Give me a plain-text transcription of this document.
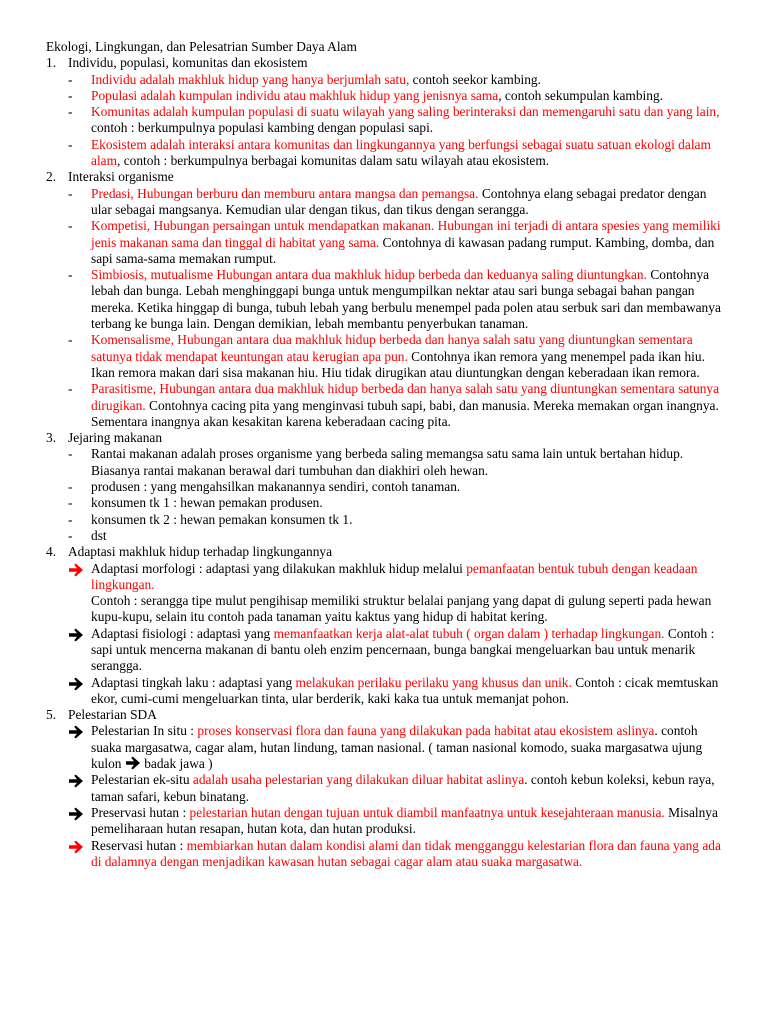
Ekologi, Lingkungan, dan Pelesatrian Sumber Daya Alam
1. Individu, populasi, komunitas dan ekosistem
-	Individu adalah makhluk hidup yang hanya berjumlah satu, contoh seekor kambing.
-	Populasi adalah kumpulan individu atau makhluk hidup yang jenisnya sama, contoh sekumpulan kambing.
-	Komunitas adalah kumpulan populasi di suatu wilayah yang saling berinteraksi dan memengaruhi satu dan yang lain, contoh : berkumpulnya populasi kambing dengan populasi sapi.
-	Ekosistem adalah interaksi antara komunitas dan lingkungannya yang berfungsi sebagai suatu satuan ekologi dalam alam, contoh : berkumpulnya berbagai komunitas dalam satu wilayah atau ekosistem.
2. Interaksi organisme
-	Predasi, Hubungan berburu dan memburu antara mangsa dan pemangsa. Contohnya elang sebagai predator dengan ular sebagai mangsanya. Kemudian ular dengan tikus, dan tikus dengan serangga.
-	Kompetisi, Hubungan persaingan untuk mendapatkan makanan. Hubungan ini terjadi di antara spesies yang memiliki jenis makanan sama dan tinggal di habitat yang sama. Contohnya di kawasan padang rumput. Kambing, domba, dan sapi sama-sama memakan rumput.
-	Simbiosis, mutualisme Hubungan antara dua makhluk hidup berbeda dan keduanya saling diuntungkan. Contohnya lebah dan bunga. Lebah menghinggapi bunga untuk mengumpilkan nektar atau sari bunga sebagai bahan pangan mereka. Ketika hinggap di bunga, tubuh lebah yang berbulu menempel pada polen atau serbuk sari dan membawanya terbang ke bunga lain. Dengan demikian, lebah membantu penyerbukan tanaman.
-	Komensalisme, Hubungan antara dua makhluk hidup berbeda dan hanya salah satu yang diuntungkan sementara satunya tidak mendapat keuntungan atau kerugian apa pun. Contohnya ikan remora yang menempel pada ikan hiu. Ikan remora makan dari sisa makanan hiu. Hiu tidak dirugikan atau diuntungkan dengan keberadaan ikan remora.
-	Parasitisme, Hubungan antara dua makhluk hidup berbeda dan hanya salah satu yang diuntungkan sementara satunya dirugikan. Contohnya cacing pita yang menginvasi tubuh sapi, babi, dan manusia. Mereka memakan organ inangnya. Sementara inangnya akan kesakitan karena keberadaan cacing pita.
3. Jejaring makanan
-	Rantai makanan adalah proses organisme yang berbeda saling memangsa satu sama lain untuk bertahan hidup. Biasanya rantai makanan berawal dari tumbuhan dan diakhiri oleh hewan.
-	produsen : yang mengahsilkan makanannya sendiri, contoh tanaman.
-	konsumen tk 1 : hewan pemakan produsen.
-	konsumen tk 2 : hewan pemakan konsumen tk 1.
-	dst
4. Adaptasi makhluk hidup terhadap lingkungannya
Adaptasi morfologi : adaptasi yang dilakukan makhluk hidup melalui pemanfaatan bentuk tubuh dengan keadaan lingkungan.
Contoh : serangga tipe mulut pengihisap memiliki struktur belalai panjang yang dapat di gulung seperti pada hewan kupu-kupu, selain itu contoh pada tanaman yaitu kaktus yang hidup di habitat kering.
Adaptasi fisiologi : adaptasi yang memanfaatkan kerja alat-alat tubuh ( organ dalam ) terhadap lingkungan. Contoh : sapi untuk mencerna makanan di bantu oleh enzim pencernaan, bunga bangkai mengeluarkan bau untuk menarik serangga.
Adaptasi tingkah laku : adaptasi yang melakukan perilaku perilaku yang khusus dan unik. Contoh : cicak memtuskan ekor, cumi-cumi mengeluarkan tinta, ular berderik, kaki kaka tua untuk memanjat pohon.
5. Pelestarian SDA
Pelestarian In situ : proses konservasi flora dan fauna yang dilakukan pada habitat atau ekosistem aslinya. contoh suaka margasatwa, cagar alam, hutan lindung, taman nasional. ( taman nasional komodo, suaka margasatwa ujung kulon
badak jawa )
Pelestarian ek-situ adalah usaha pelestarian yang dilakukan diluar habitat aslinya. contoh kebun koleksi, kebun raya, taman safari, kebun binatang.
Preservasi hutan : pelestarian hutan dengan tujuan untuk diambil manfaatnya untuk kesejahteraan manusia. Misalnya pemeliharaan hutan resapan, hutan kota, dan hutan produksi.
Reservasi hutan : membiarkan hutan dalam kondisi alami dan tidak mengganggu kelestarian flora dan fauna yang ada di dalamnya dengan menjadikan kawasan hutan sebagai cagar alam atau suaka margasatwa.
